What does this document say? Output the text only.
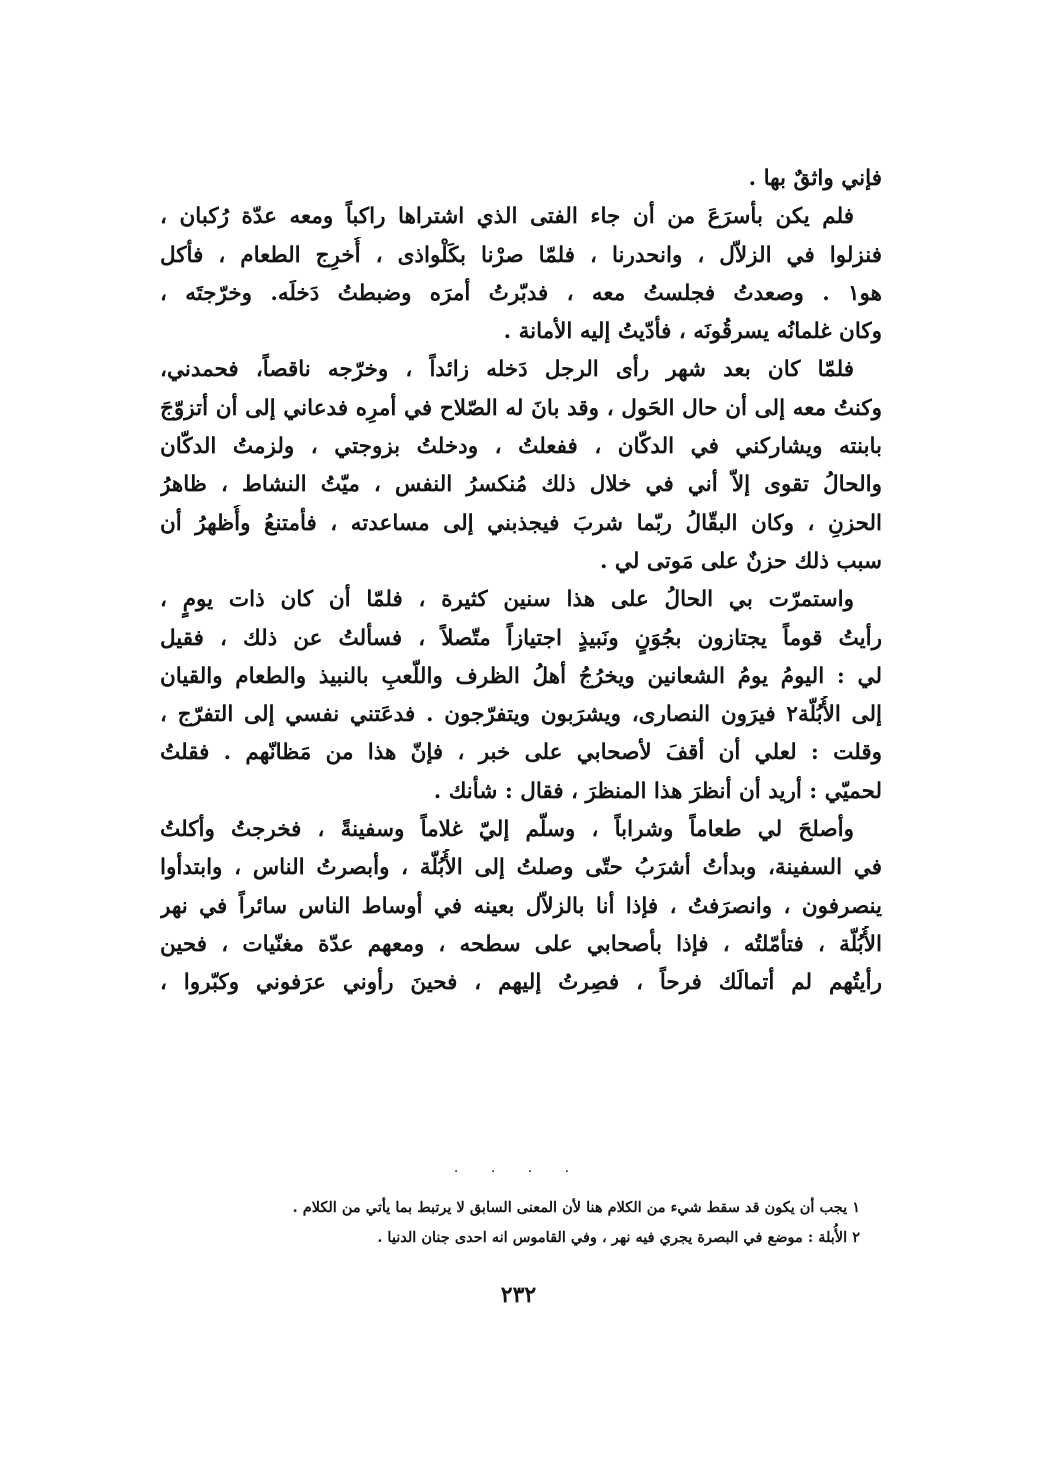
فإني واثقٌ بها .
فلم يكن بأسرَعَ من أن جاء الفتى الذي اشتراها راكباً ومعه عدّة رُكبان ،
فنزلوا في الزلاّل ، وانحدرنا ، فلمّا صرْنا بكَلْواذى ، أُخرِج الطعام ، فأكل
هو١ . وصعدتُ فجلستُ معه ، فدبّرتُ أمرَه وضبطتُ دَخلَه. وخرّجتَه ،
وكان غلمانُه يسرقُونَه ، فأدّيتُ إليه الأمانة .
فلمّا كان بعد شهر رأى الرجل دَخله زائداً ، وخرّجه ناقصاً، فحمدني،
وكنتُ معه إلى أن حال الحَول ، وقد بانَ له الصّلاح في أمرِه فدعاني إلى أن أتزوّجَ
بابنته ويشاركني في الدكّان ، ففعلتُ ، ودخلتُ بزوجتي ، ولزمتُ الدكّان
والحالُ تقوى إلاّ أني في خلال ذلك مُنكسرُ النفس ، ميّتُ النشاط ، ظاهرُ
الحزنِ ، وكان البقّالُ ربّما شربَ فيجذبني إلى مساعدته ، فأمتنعُ وأُظهرُ أن
سبب ذلك حزنٌ على مَوتى لي .
واستمرّت بي الحالُ على هذا سنين كثيرة ، فلمّا أن كان ذات يومٍ ،
رأيتُ قوماً يجتازون بجُوَنٍ ونَبيذٍ اجتيازاً متّصلاً ، فسألتُ عن ذلك ، فقيل
لي : اليومُ يومُ الشعانين ويخرُجُ أهلُ الظرف واللّعبِ بالنبيذ والطعام والقيان
إلى الأُبُلّة٢ فيرَون النصارى، ويشرَبون ويتفرّجون . فدعَتني نفسي إلى التفرّج ،
وقلت : لعلي أن أقفَ لأصحابي على خبر ، فإنّ هذا من مَظانّهم . فقلتُ
لحميّي : أريد أن أنظرَ هذا المنظرَ ، فقال : شأنك .
وأصلحَ لي طعاماً وشراباً ، وسلّم إليّ غلاماً وسفينةً ، فخرجتُ وأكلتُ
في السفينة، وبدأتُ أشرَبُ حتّى وصلتُ إلى الأُبُلّة ، وأبصرتُ الناس ، وابتدأوا
ينصرفون ، وانصرَفتُ ، فإذا أنا بالزلاّل بعينه في أوساط الناس سائراً في نهر
الأُبُلّة ، فتأمّلتُه ، فإذا بأصحابي على سطحه ، ومعهم عدّة مغنّيات ، فحين
رأيتُهم لم أتمالَك فرحاً ، فصِرتُ إليهم ، فحينَ رأوني عرَفوني وكبّروا ،
. . . .
١ يجب أن يكون قد سقط شيء من الكلام هنا لأن المعنى السابق لا يرتبط بما يأتي من الكلام .
٢ الأُبلة : موضع في البصرة يجري فيه نهر ، وفي القاموس انه احدى جنان الدنيا .
٢٣٢
